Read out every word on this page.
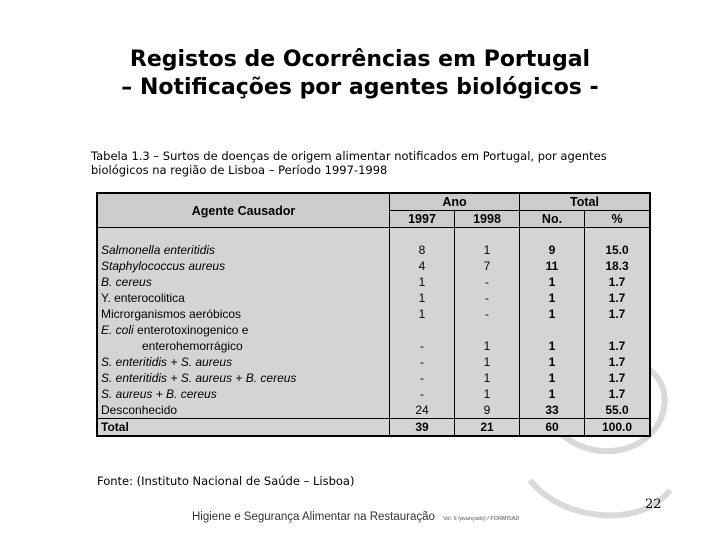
Registos de Ocorrências em Portugal
– Notificações por agentes biológicos -
Tabela 1.3 – Surtos de doenças de origem alimentar notificados em Portugal, por agentes
biológicos na região de Lisboa – Período 1997-1998
Agente Causador	Ano		Total	
	1997	1998	No.	%

Salmonella enteritidis	8	1	9	15.0
Staphylococcus aureus	4	7	11	18.3
B. cereus	1	-	1	1.7
Y. enterocolitica	1	-	1	1.7
Microrganismos aeróbicos	1	-	1	1.7
E. coli enterotoxinogenico e				
enterohemorrágico	-	1	1	1.7
S. enteritidis + S. aureus	-	1	1	1.7
S. enteritidis + S. aureus + B. cereus	-	1	1	1.7
S. aureus + B. cereus	-	1	1	1.7
Desconhecido	24	9	33	55.0
Total	39	21	60	100.0
Fonte: (Instituto Nacional de Saúde – Lisboa)
22
Higiene e Segurança Alimentar na Restauração Vol. II (avançado) / FORMISAD
